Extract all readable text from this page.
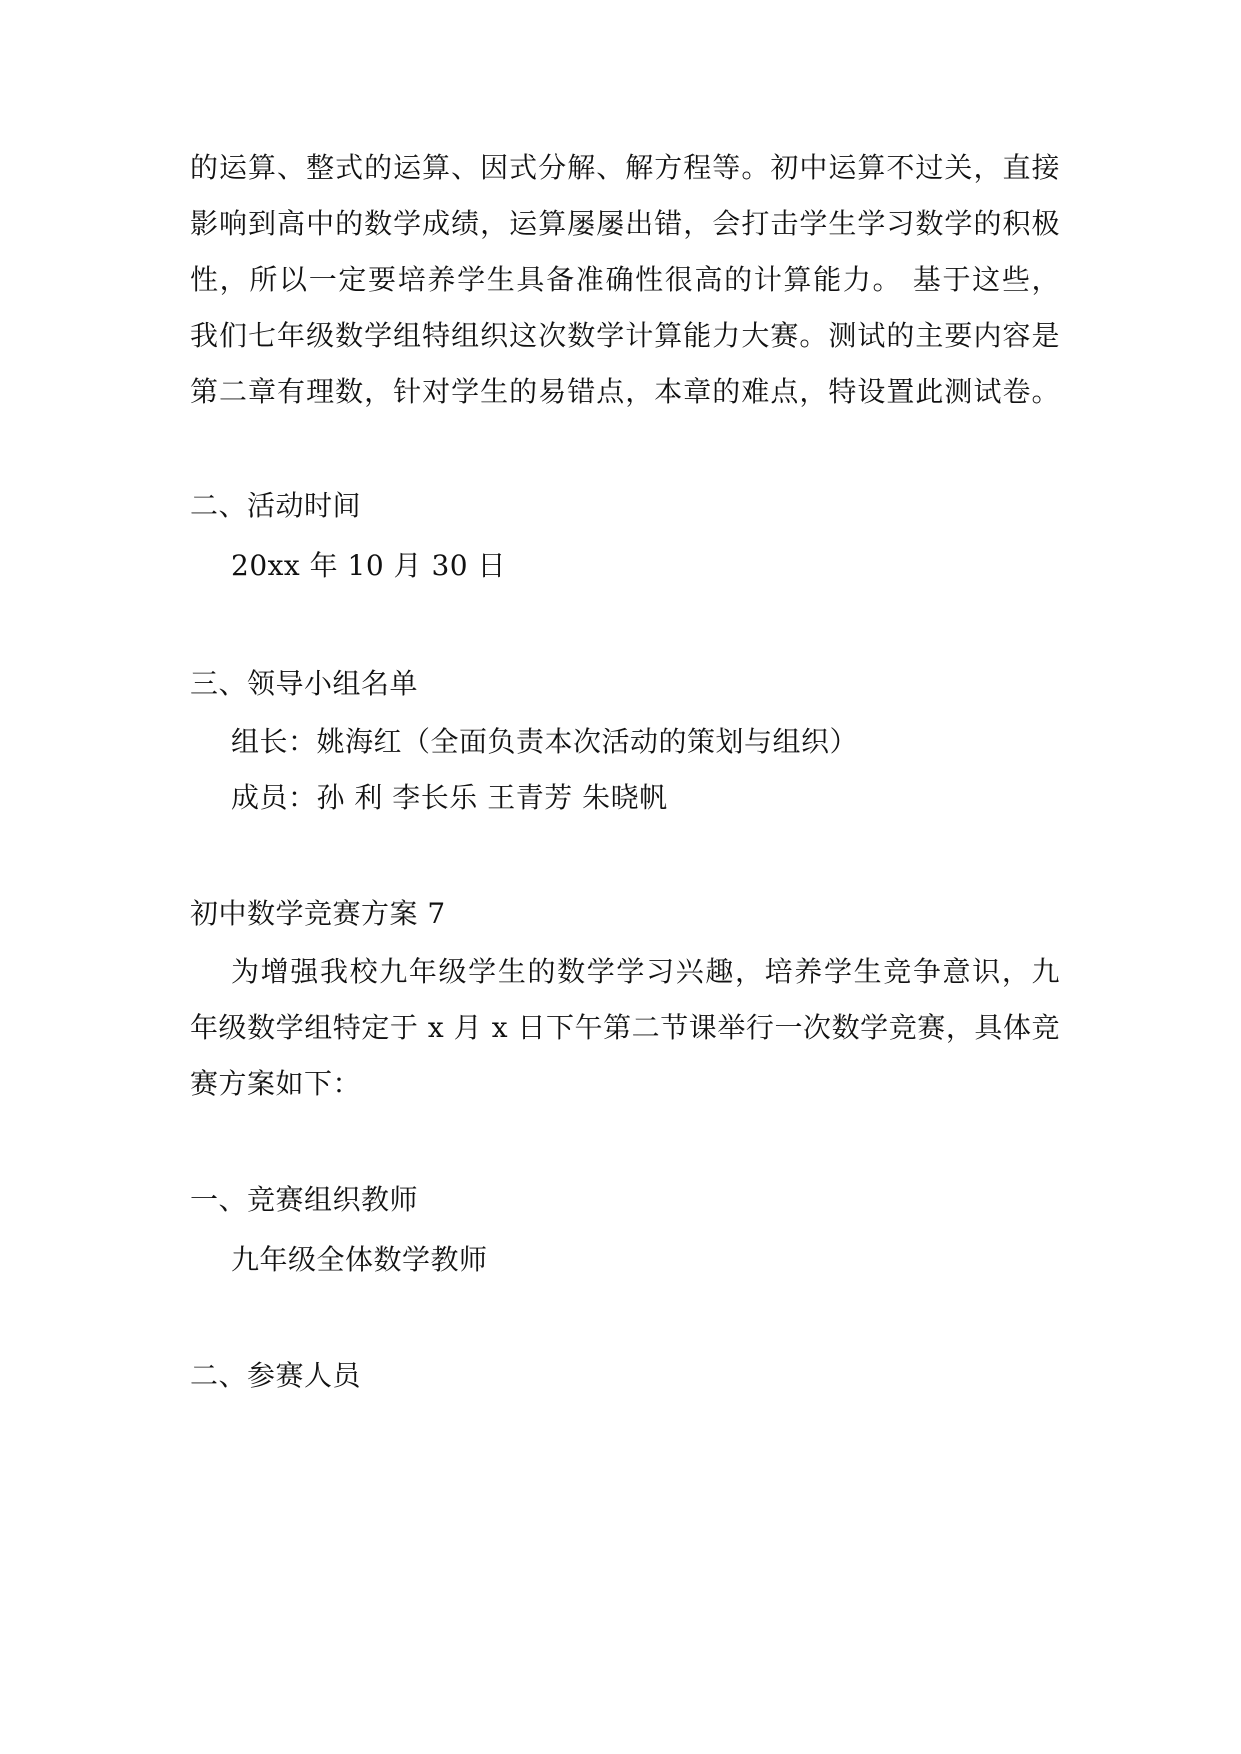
的运算、整式的运算、因式分解、解方程等。初中运算不过关，直接
影响到高中的数学成绩，运算屡屡出错，会打击学生学习数学的积极
性，所以一定要培养学生具备准确性很高的计算能力。 基于这些，
我们七年级数学组特组织这次数学计算能力大赛。测试的主要内容是
第二章有理数，针对学生的易错点，本章的难点，特设置此测试卷。
二、活动时间
20xx 年 10 月 30 日
三、领导小组名单
组长：姚海红（全面负责本次活动的策划与组织）
成员：孙 利 李长乐 王青芳 朱晓帆
初中数学竞赛方案 7
为增强我校九年级学生的数学学习兴趣，培养学生竞争意识，九
年级数学组特定于 x 月 x 日下午第二节课举行一次数学竞赛，具体竞
赛方案如下：
一、竞赛组织教师
九年级全体数学教师
二、参赛人员
